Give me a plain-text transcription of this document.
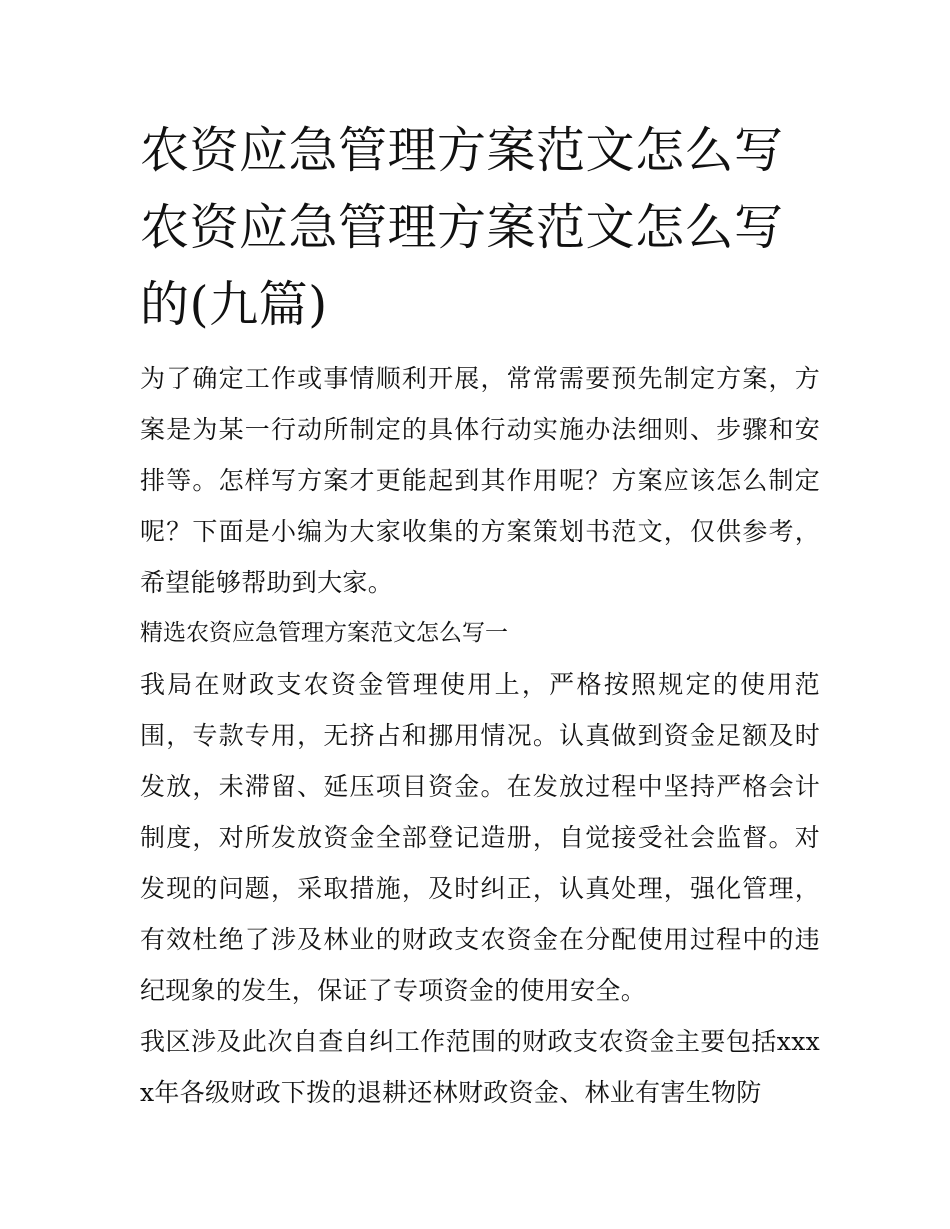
农资应急管理方案范文怎么写 农资应急管理方案范文怎么写的(九篇)

为了确定工作或事情顺利开展，常常需要预先制定方案，方案是为某一行动所制定的具体行动实施办法细则、步骤和安排等。怎样写方案才更能起到其作用呢？方案应该怎么制定呢？下面是小编为大家收集的方案策划书范文，仅供参考，希望能够帮助到大家。

精选农资应急管理方案范文怎么写一

我局在财政支农资金管理使用上，严格按照规定的使用范围，专款专用，无挤占和挪用情况。认真做到资金足额及时发放，未滞留、延压项目资金。在发放过程中坚持严格会计制度，对所发放资金全部登记造册，自觉接受社会监督。对发现的问题，采取措施，及时纠正，认真处理，强化管理，有效杜绝了涉及林业的财政支农资金在分配使用过程中的违纪现象的发生，保证了专项资金的使用安全。

我区涉及此次自查自纠工作范围的财政支农资金主要包括xxxx年各级财政下拨的退耕还林财政资金、林业有害生物防
